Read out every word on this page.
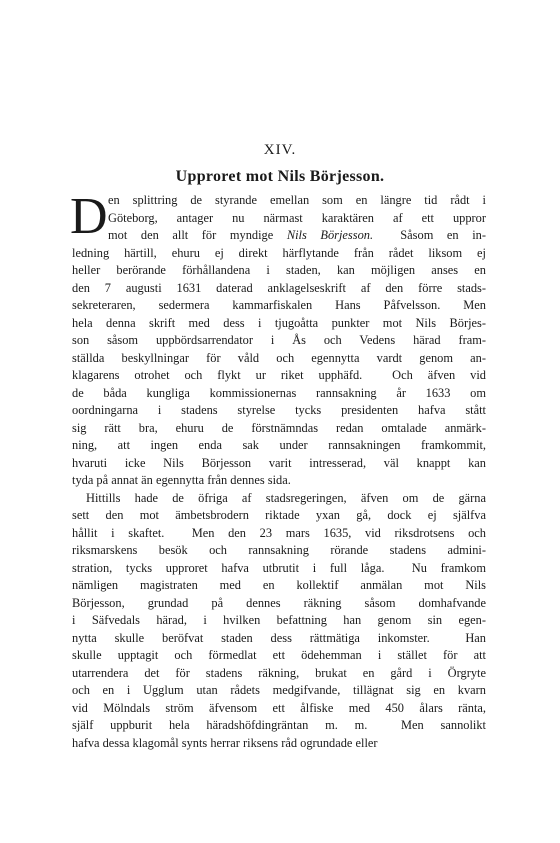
XIV.
Upproret mot Nils Börjesson.
D en splittring de styrande emellan som en längre tid rådt i
Göteborg, antager nu närmast karaktären af ett uppror
mot den allt för myndige Nils Börjesson.  Såsom en in-
ledning härtill, ehuru ej direkt härflytande från rådet liksom ej
heller berörande förhållandena i staden, kan möjligen anses en
den 7 augusti 1631 daterad anklagelseskrift af den förre stads-
sekreteraren, sedermera kammarfiskalen Hans Påfvelsson. Men
hela denna skrift med dess i tjugoåtta punkter mot Nils Börjes-
son såsom uppbördsarrendator i Ås och Vedens härad fram-
ställda beskyllningar för våld och egennytta vardt genom an-
klagarens otrohet och flykt ur riket upphäfd.  Och äfven vid
de båda kungliga kommissionernas rannsakning år 1633 om
oordningarna i stadens styrelse tycks presidenten hafva stått
sig rätt bra, ehuru de förstnämndas redan omtalade anmärk-
ning, att ingen enda sak under rannsakningen framkommit,
hvaruti icke Nils Börjesson varit intresserad, väl knappt kan
tyda på annat än egennytta från dennes sida.
Hittills hade de öfriga af stadsregeringen, äfven om de gärna
sett den mot ämbetsbrodern riktade yxan gå, dock ej själfva
hållit i skaftet.  Men den 23 mars 1635, vid riksdrotsens och
riksmarskens besök och rannsakning rörande stadens admini-
stration, tycks upproret hafva utbrutit i full låga.  Nu framkom
nämligen magistraten med en kollektif anmälan mot Nils
Börjesson, grundad på dennes räkning såsom domhafvande
i Säfvedals härad, i hvilken befattning han genom sin egen-
nytta skulle beröfvat staden dess rättmätiga inkomster.  Han
skulle upptagit och förmedlat ett ödehemman i stället för att
utarrendera det för stadens räkning, brukat en gård i Örgryte
och en i Ugglum utan rådets medgifvande, tillägnat sig en kvarn
vid Mölndals ström äfvensom ett ålfiske med 450 ålars ränta,
själf uppburit hela häradshöfdingräntan m. m.  Men sannolikt
hafva dessa klagomål synts herrar riksens råd ogrundade eller
